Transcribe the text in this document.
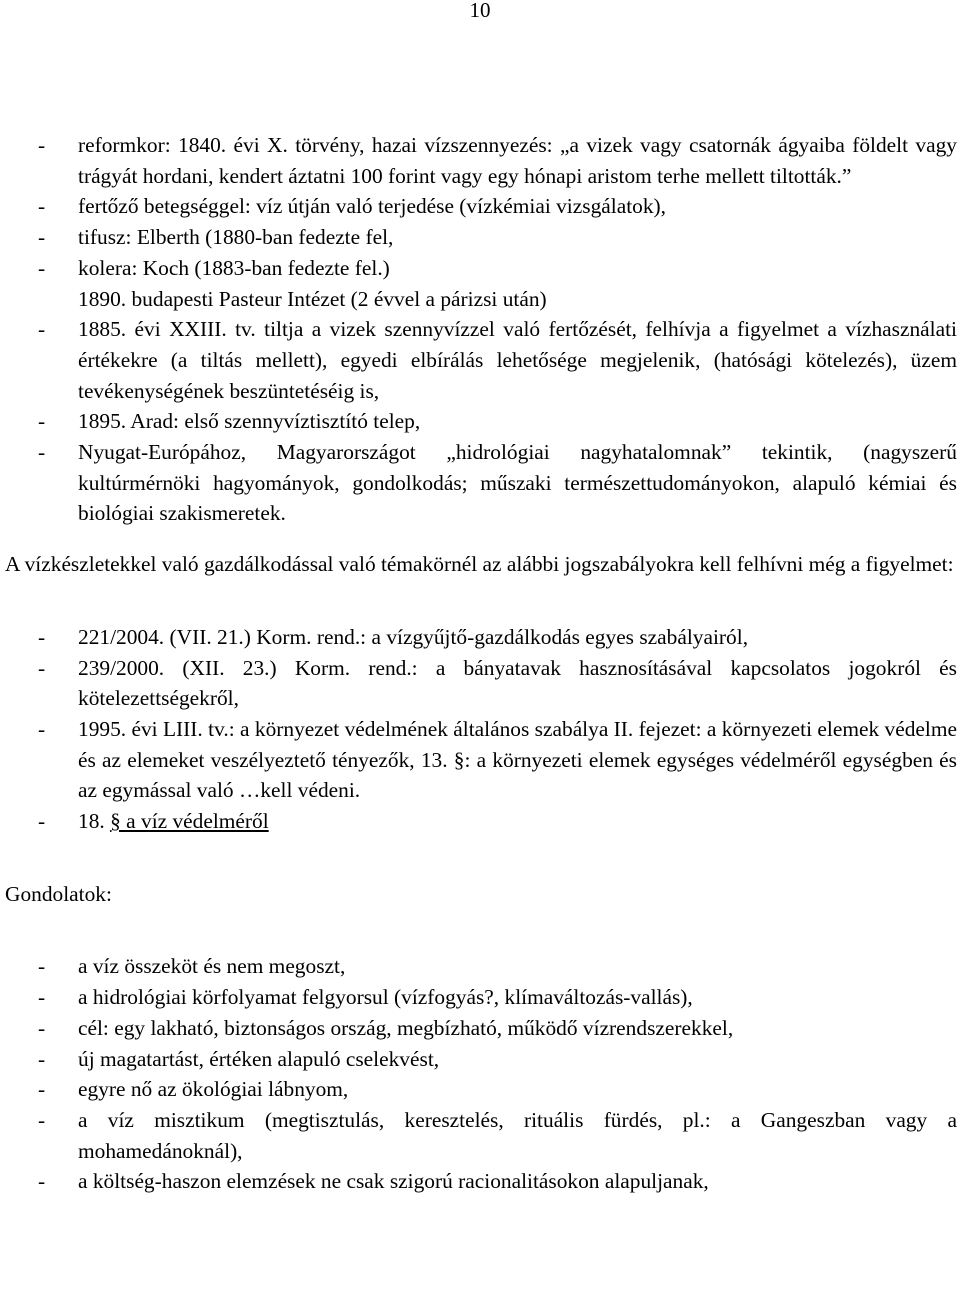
10
- reformkor: 1840. évi X. törvény, hazai vízszennyezés: „a vizek vagy csatornák ágyaiba földelt vagy trágyát hordani, kendert áztatni 100 forint vagy egy hónapi aristom terhe mellett tiltották.”
- fertőző betegséggel: víz útján való terjedése (vízkémiai vizsgálatok),
- tifusz: Elberth (1880-ban fedezte fel,
- kolera: Koch (1883-ban fedezte fel.)
1890. budapesti Pasteur Intézet (2 évvel a párizsi után)
- 1885. évi XXIII. tv. tiltja a vizek szennyvízzel való fertőzését, felhívja a figyelmet a vízhasználati értékekre (a tiltás mellett), egyedi elbírálás lehetősége megjelenik, (hatósági kötelezés), üzem tevékenységének beszüntetéséig is,
- 1895. Arad: első szennyvíztisztító telep,
- Nyugat-Európához, Magyarországot „hidrológiai nagyhatalomnak” tekintik, (nagyszerű kultúrmérnöki hagyományok, gondolkodás; műszaki természettudományokon, alapuló kémiai és biológiai szakismeretek.

A vízkészletekkel való gazdálkodással való témakörnél az alábbi jogszabályokra kell felhívni még a figyelmet:

- 221/2004. (VII. 21.) Korm. rend.: a vízgyűjtő-gazdálkodás egyes szabályairól,
- 239/2000. (XII. 23.) Korm. rend.: a bányatavak hasznosításával kapcsolatos jogokról és kötelezettségekről,
- 1995. évi LIII. tv.: a környezet védelmének általános szabálya II. fejezet: a környezeti elemek védelme és az elemeket veszélyeztető tényezők, 13. §: a környezeti elemek egységes védelméről egységben és az egymással való …kell védeni.
- 18. § a víz védelméről

Gondolatok:

- a víz összeköt és nem megoszt,
- a hidrológiai körfolyamat felgyorsul (vízfogyás?, klímaváltozás-vallás),
- cél: egy lakható, biztonságos ország, megbízható, működő vízrendszerekkel,
- új magatartást, értéken alapuló cselekvést,
- egyre nő az ökológiai lábnyom,
- a víz misztikum (megtisztulás, keresztelés, rituális fürdés, pl.: a Gangeszban vagy a mohamedánoknál),
- a költség-haszon elemzések ne csak szigorú racionalitásokon alapuljanak,
